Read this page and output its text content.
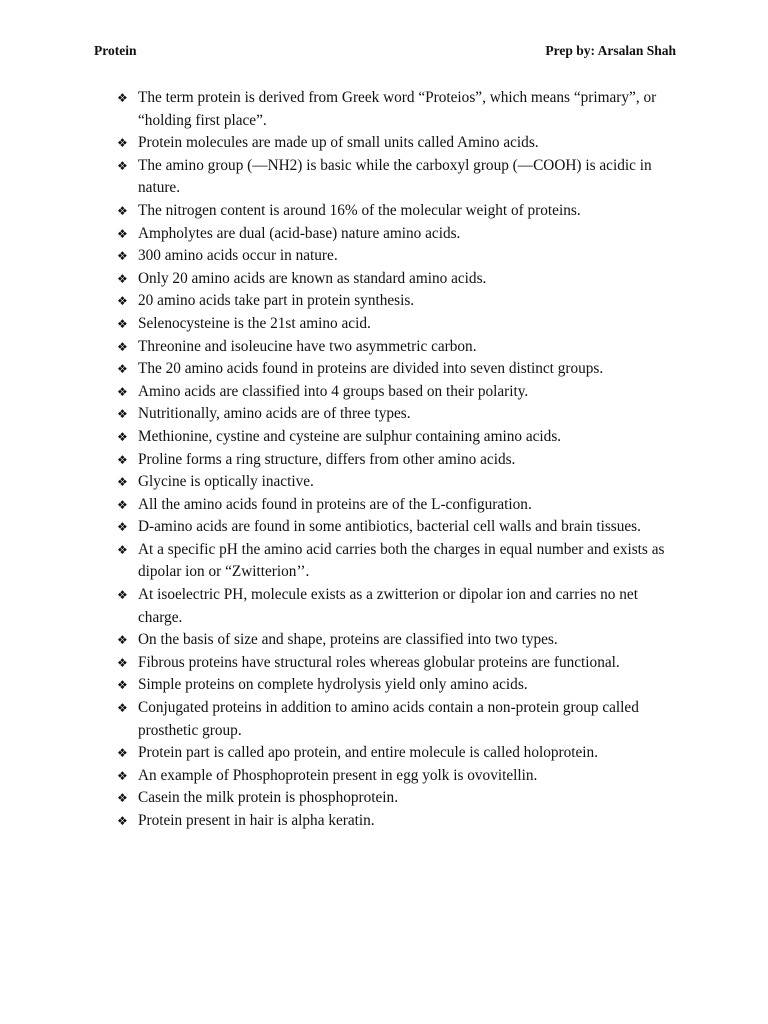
Protein	Prep by: Arsalan Shah
❖ The term protein is derived from Greek word “Proteios”, which means “primary”, or “holding first place”.
❖ Protein molecules are made up of small units called Amino acids.
❖ The amino group (—NH2) is basic while the carboxyl group (—COOH) is acidic in nature.
❖ The nitrogen content is around 16% of the molecular weight of proteins.
❖ Ampholytes are dual (acid-base) nature amino acids.
❖ 300 amino acids occur in nature.
❖ Only 20 amino acids are known as standard amino acids.
❖ 20 amino acids take part in protein synthesis.
❖ Selenocysteine is the 21st amino acid.
❖ Threonine and isoleucine have two asymmetric carbon.
❖ The 20 amino acids found in proteins are divided into seven distinct groups.
❖ Amino acids are classified into 4 groups based on their polarity.
❖ Nutritionally, amino acids are of three types.
❖ Methionine, cystine and cysteine are sulphur containing amino acids.
❖ Proline forms a ring structure, differs from other amino acids.
❖ Glycine is optically inactive.
❖ All the amino acids found in proteins are of the L-configuration.
❖ D-amino acids are found in some antibiotics, bacterial cell walls and brain tissues.
❖ At a specific pH the amino acid carries both the charges in equal number and exists as dipolar ion or “Zwitterion’’.
❖ At isoelectric PH, molecule exists as a zwitterion or dipolar ion and carries no net charge.
❖ On the basis of size and shape, proteins are classified into two types.
❖ Fibrous proteins have structural roles whereas globular proteins are functional.
❖ Simple proteins on complete hydrolysis yield only amino acids.
❖ Conjugated proteins in addition to amino acids contain a non-protein group called prosthetic group.
❖ Protein part is called apo protein, and entire molecule is called holoprotein.
❖ An example of Phosphoprotein present in egg yolk is ovovitellin.
❖ Casein the milk protein is phosphoprotein.
❖ Protein present in hair is alpha keratin.
